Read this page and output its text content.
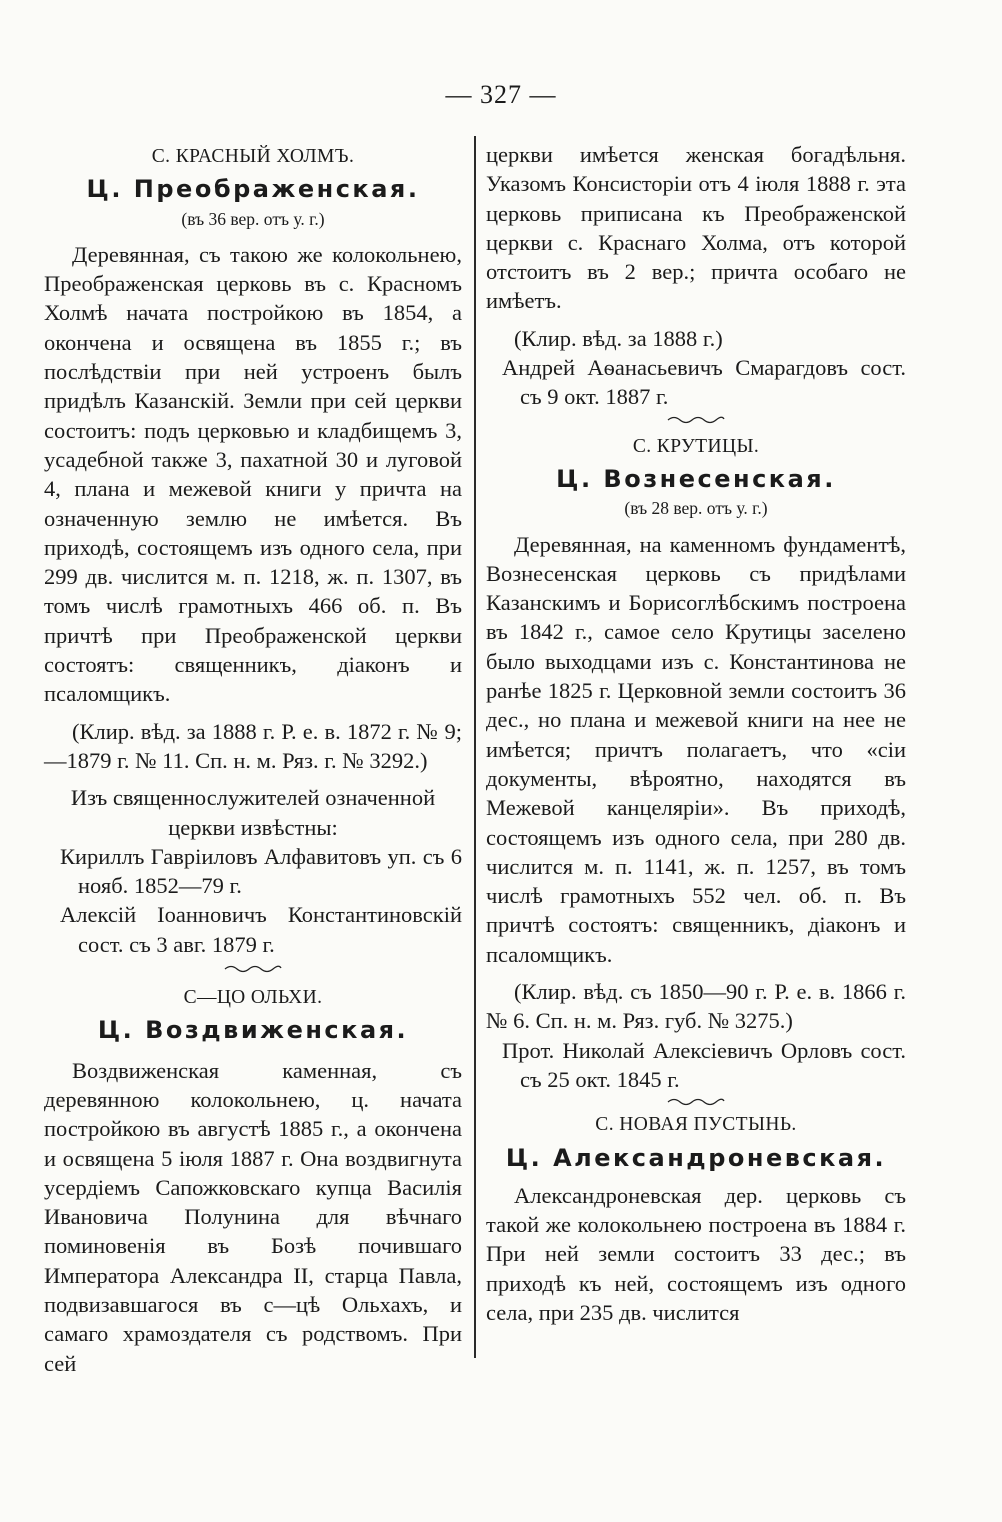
— 327 —
С. КРАСНЫЙ ХОЛМЪ.
Ц. Преображенская.
(въ 36 вер. отъ у. г.)

Деревянная, съ такою же колокольнею, Преображенская церковь въ с. Красномъ Холмѣ начата постройкою въ 1854, а окончена и освящена въ 1855 г.; въ послѣдствіи при ней устроенъ былъ придѣлъ Казанскій. Земли при сей церкви состоитъ: подъ церковью и кладбищемъ 3, усадебной также 3, пахатной 30 и луговой 4, плана и межевой книги у причта на означенную землю не имѣется. Въ приходѣ, состоящемъ изъ одного села, при 299 дв. числится м. п. 1218, ж. п. 1307, въ томъ числѣ грамотныхъ 466 об. п. Въ причтѣ при Преображенской церкви состоятъ: священникъ, діаконъ и псаломщикъ.

(Клир. вѣд. за 1888 г. Р. е. в. 1872 г. № 9;—1879 г. № 11. Сп. н. м. Ряз. г. № 3292.)

Изъ священнослужителей означенной церкви извѣстны:

Кириллъ Гавріиловъ Алфавитовъ уп. съ 6 нояб. 1852—79 г.

Алексій Іоанновичъ Константиновскій сост. съ 3 авг. 1879 г.

С—ЦО ОЛЬХИ.
Ц. Воздвиженская.

Воздвиженская каменная, съ деревянною колокольнею, ц. начата постройкою въ августѣ 1885 г., а окончена и освящена 5 іюля 1887 г. Она воздвигнута усердіемъ Сапожковскаго купца Василія Ивановича Полунина для вѣчнаго поминовенія въ Бозѣ почившаго Императора Александра II, старца Павла, подвизавшагося въ с—цѣ Ольхахъ, и самаго храмоздателя съ родствомъ. При сей

церкви имѣется женская богадѣльня. Указомъ Консисторіи отъ 4 іюля 1888 г. эта церковь приписана къ Преображенской церкви с. Краснаго Холма, отъ которой отстоитъ въ 2 вер.; причта особаго не имѣетъ.

(Клир. вѣд. за 1888 г.)

Андрей Аѳанасьевичъ Смарагдовъ сост. съ 9 окт. 1887 г.

С. КРУТИЦЫ.
Ц. Вознесенская.
(въ 28 вер. отъ у. г.)

Деревянная, на каменномъ фундаментѣ, Вознесенская церковь съ придѣлами Казанскимъ и Борисоглѣбскимъ построена въ 1842 г., самое село Крутицы заселено было выходцами изъ с. Константинова не ранѣе 1825 г. Церковной земли состоитъ 36 дес., но плана и межевой книги на нее не имѣется; причтъ полагаетъ, что «сіи документы, вѣроятно, находятся въ Межевой канцеляріи». Въ приходѣ, состоящемъ изъ одного села, при 280 дв. числится м. п. 1141, ж. п. 1257, въ томъ числѣ грамотныхъ 552 чел. об. п. Въ причтѣ состоятъ: священникъ, діаконъ и псаломщикъ.

(Клир. вѣд. съ 1850—90 г. Р. е. в. 1866 г. № 6. Сп. н. м. Ряз. губ. № 3275.)

Прот. Николай Алексіевичъ Орловъ сост. съ 25 окт. 1845 г.

С. НОВАЯ ПУСТЫНЬ.
Ц. Александроневская.

Александроневская дер. церковь съ такой же колокольнею построена въ 1884 г. При ней земли состоитъ 33 дес.; въ приходѣ къ ней, состоящемъ изъ одного села, при 235 дв. числится
